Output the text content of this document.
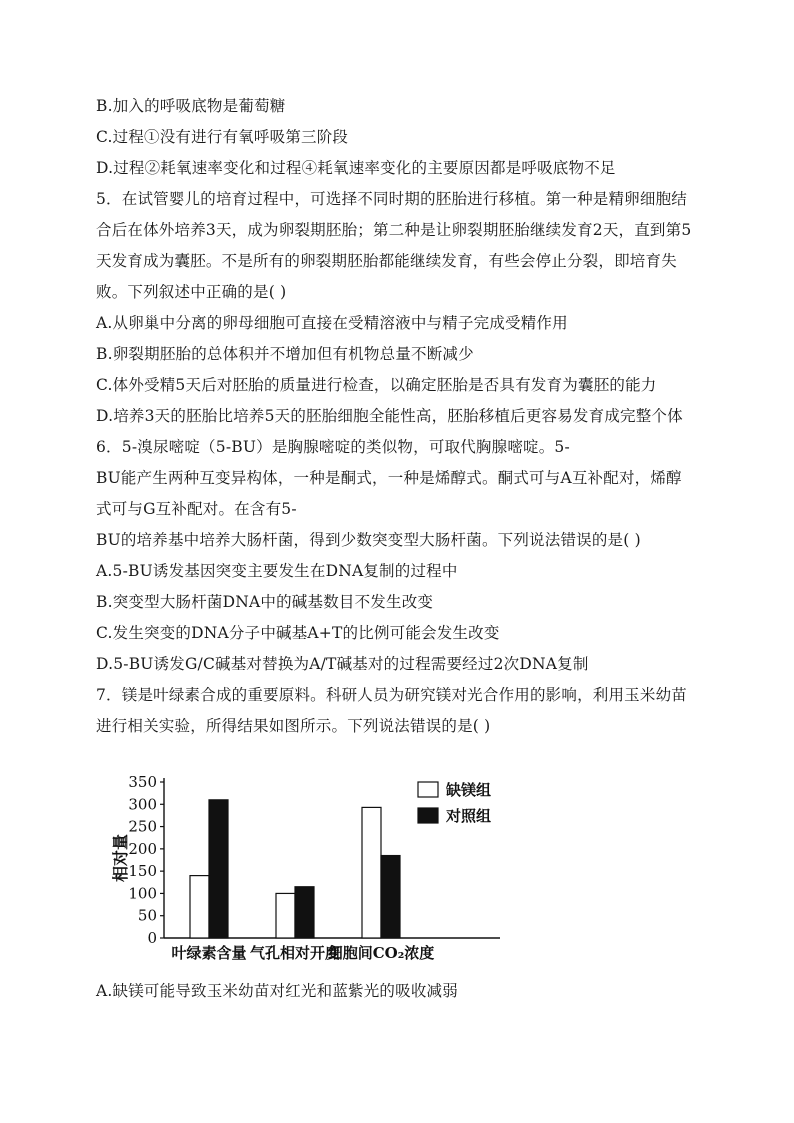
B.加入的呼吸底物是葡萄糖
C.过程①没有进行有氧呼吸第三阶段
D.过程②耗氧速率变化和过程④耗氧速率变化的主要原因都是呼吸底物不足
5．在试管婴儿的培育过程中，可选择不同时期的胚胎进行移植。第一种是精卵细胞结
合后在体外培养3天，成为卵裂期胚胎；第二种是让卵裂期胚胎继续发育2天，直到第5
天发育成为囊胚。不是所有的卵裂期胚胎都能继续发育，有些会停止分裂，即培育失
败。下列叙述中正确的是( )
A.从卵巢中分离的卵母细胞可直接在受精溶液中与精子完成受精作用
B.卵裂期胚胎的总体积并不增加但有机物总量不断减少
C.体外受精5天后对胚胎的质量进行检查，以确定胚胎是否具有发育为囊胚的能力
D.培养3天的胚胎比培养5天的胚胎细胞全能性高，胚胎移植后更容易发育成完整个体
6．5-溴尿嘧啶（5-BU）是胸腺嘧啶的类似物，可取代胸腺嘧啶。5-
BU能产生两种互变异构体，一种是酮式，一种是烯醇式。酮式可与A互补配对，烯醇
式可与G互补配对。在含有5-
BU的培养基中培养大肠杆菌，得到少数突变型大肠杆菌。下列说法错误的是( )
A.5-BU诱发基因突变主要发生在DNA复制的过程中
B.突变型大肠杆菌DNA中的碱基数目不发生改变
C.发生突变的DNA分子中碱基A+T的比例可能会发生改变
D.5-BU诱发G/C碱基对替换为A/T碱基对的过程需要经过2次DNA复制
7．镁是叶绿素合成的重要原料。科研人员为研究镁对光合作用的影响，利用玉米幼苗
进行相关实验，所得结果如图所示。下列说法错误的是( )
0
50
100
150
200
250
300
350
相对量
叶绿素含量 气孔相对开度
细胞间CO₂浓度
缺镁组
对照组
A.缺镁可能导致玉米幼苗对红光和蓝紫光的吸收减弱
